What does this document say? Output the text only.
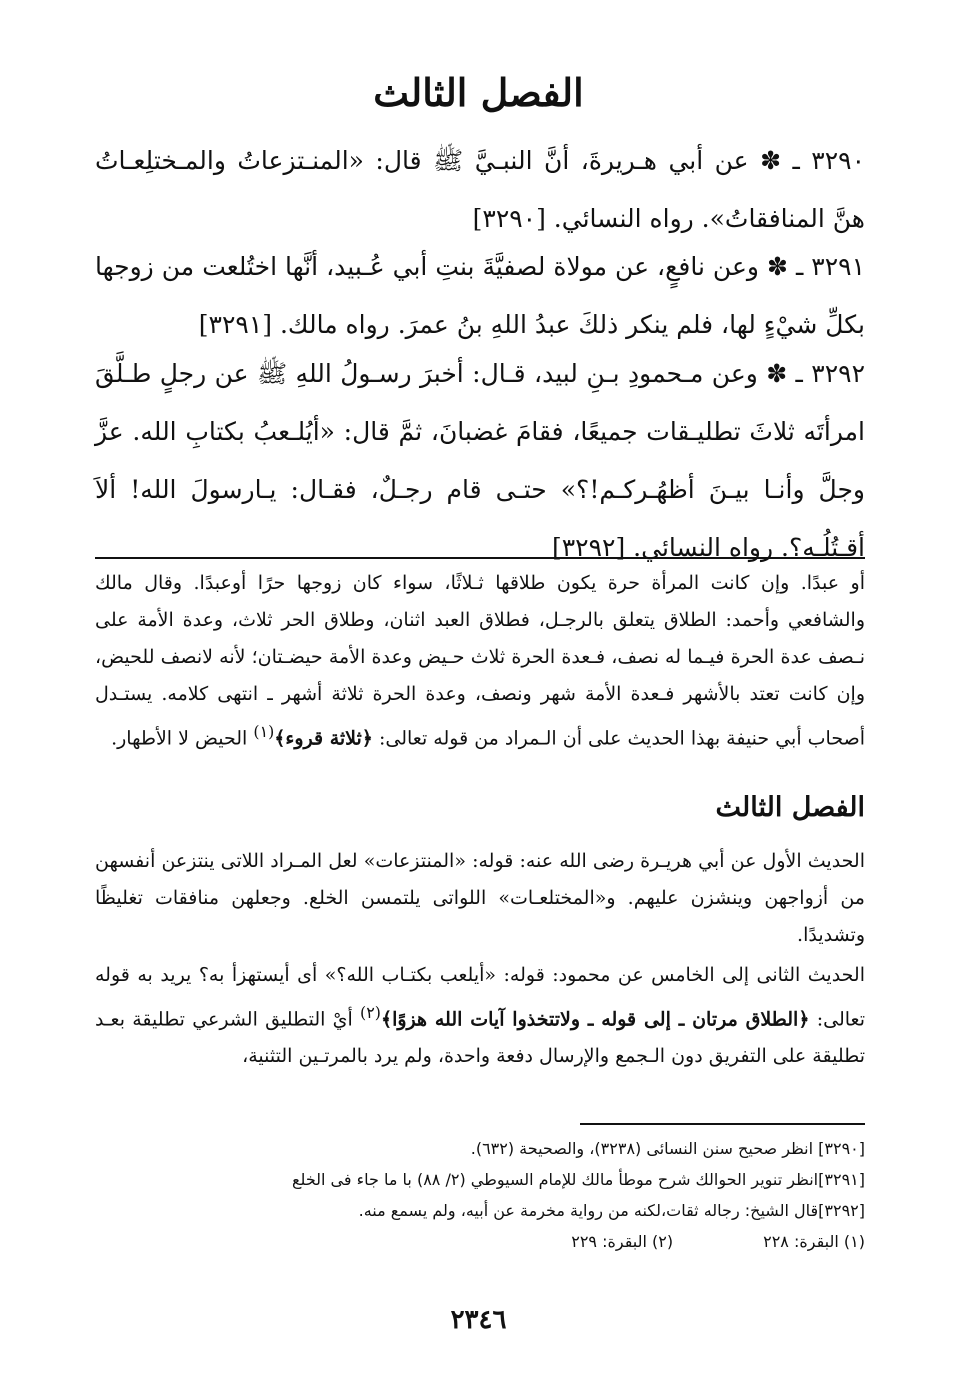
الفصل الثالث

٣٢٩٠ ـ ✽ عن أبي هـريرةَ، أنَّ النبـيَّ ﷺ قال: «المنـتزعاتُ والمـختلِعـاتُ هنَّ المنافقاتُ». رواه النسائي. [٣٢٩٠]

٣٢٩١ ـ ✽ وعن نافعٍ، عن مولاة لصفيَّةَ بنتِ أبي عُـبيد، أنَّها اختُلعت من زوجها بكلِّ شيْءٍ لها، فلم ينكر ذلكَ عبدُ اللهِ بنُ عمرَ. رواه مالك. [٣٢٩١]

٣٢٩٢ ـ ✽ وعن مـحمودِ بـنِ لبيد، قـال: أخبرَ رسـولُ اللهِ ﷺ عن رجلٍ طـلَّقَ امرأتَه ثلاثَ تطليـقات جميعًا، فقامَ غضبانَ، ثمَّ قال: «أيُلـعبُ بكتابِ الله. عزَّ وجلَّ وأنـا بيـنَ أظهُـركـم!؟» حتـى قام رجـلٌ، فقـال: يـارسولَ الله! ألاَ أقـتُلُـه؟. رواه النسائي. [٣٢٩٢]

أو عبدًا. وإن كانت المرأة حرة يكون طلاقها ثـلاثًا، سواء كان زوجها حرًا أوعبدًا. وقال مالك والشافعي وأحمد: الطلاق يتعلق بالرجـل، فطلاق العبد اثنان، وطلاق الحر ثلاث، وعدة الأمة على نـصف عدة الحرة فيـما له نصف، فـعدة الحرة ثلاث حـيض وعدة الأمة حيضـتان؛ لأنه لانصف للحيض، وإن كانت تعتد بالأشهر فـعدة الأمة شهر ونصف، وعدة الحرة ثلاثة أشهر ـ انتهى كلامه. يستـدل أصحاب أبي حنيفة بهذا الحديث على أن الـمراد من قوله تعالى: ﴿ثلاثة قروء﴾$^{(١)}$ الحيض لا الأطهار.

الفصل الثالث

الحديث الأول عن أبي هريـرة رضى الله عنه: قوله: «المنتزعات» لعل المـراد اللاتى ينتزعن أنفسهن من أزواجهن وينشزن عليهم. و«المختلعـات» اللواتى يلتمسن الخلع. وجعلهن منافقات تغليظًا وتشديدًا.

الحديث الثانى إلى الخامس عن محمود: قوله: «أيلعب بكتـاب الله؟» أى أيستهزأ به؟ يريد به قوله تعالى: ﴿الطلاق مرتان ـ إلى قوله ـ ولاتتخذوا آيات الله هزوًا﴾$^{(٢)}$ أيْ التطليق الشرعي تطليقة بعـد تطليقة على التفريق دون الـجمع والإرسال دفعة واحدة، ولم يرد بالمرتـين التثنية،

[٣٢٩٠] انظر صحيح سنن النسائى (٣٢٣٨)، والصحيحة (٦٣٢).
[٣٢٩١]انظر تنوير الحوالك شرح موطأ مالك للإمام السيوطي (٢/ ٨٨) با ما جاء فى الخلع
[٣٢٩٢]قال الشيخ: رجاله ثقات،لكنه من رواية مخرمة عن أبيه، ولم يسمع منه.
(١) البقرة: ٢٢٨
(٢) البقرة: ٢٢٩
٢٣٤٦
